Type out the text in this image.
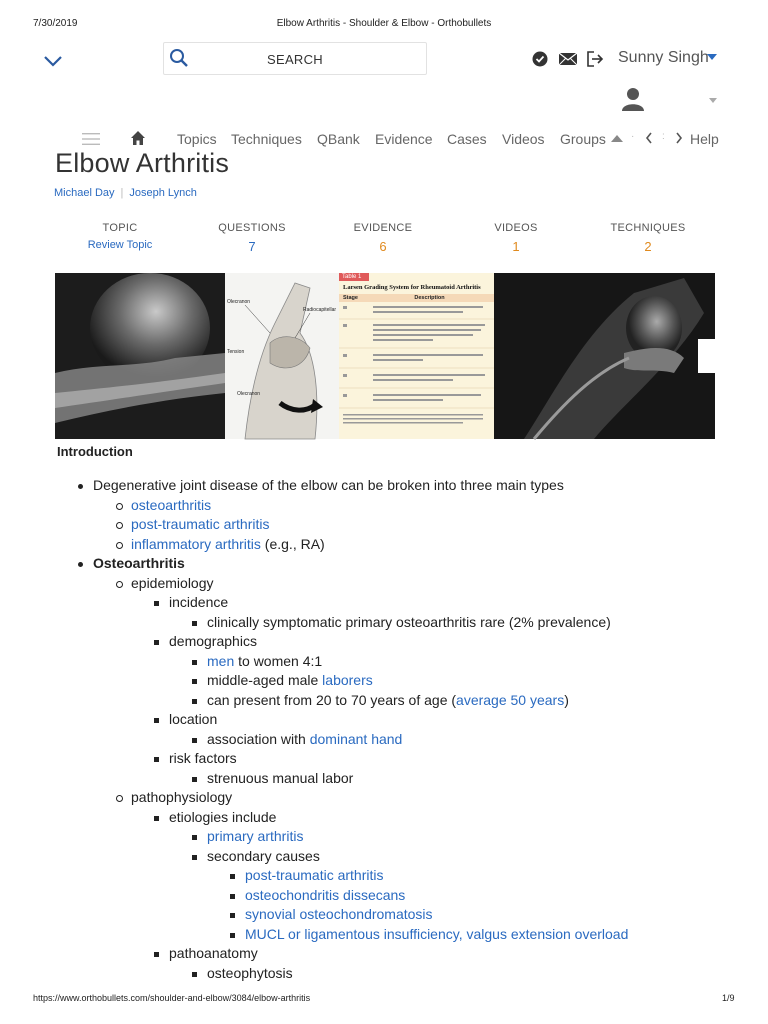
7/30/2019	Elbow Arthritis - Shoulder & Elbow - Orthobullets
SEARCH	Sunny Singh
Topics Techniques QBank Evidence Cases Videos Groups	·	: Help
Elbow Arthritis
Michael Day | Joseph Lynch
TOPIC
Review Topic
QUESTIONS
7
EVIDENCE
6
VIDEOS
1
TECHNIQUES
2
Olecranon
Radiocapitellar
Tension
Olecranon
Table 1
Larsen Grading System for Rheumatoid Arthritis
Stage	Description
Introduction
Degenerative joint disease of the elbow can be broken into three main types
osteoarthritis
post-traumatic arthritis
inflammatory arthritis (e.g., RA)
Osteoarthritis
epidemiology
incidence
clinically symptomatic primary osteoarthritis rare (2% prevalence)
demographics
men to women 4:1
middle-aged male laborers
can present from 20 to 70 years of age (average 50 years)
location
association with dominant hand
risk factors
strenuous manual labor
pathophysiology
etiologies include
primary arthritis
secondary causes
post-traumatic arthritis
osteochondritis dissecans
synovial osteochondromatosis
MUCL or ligamentous insufficiency, valgus extension overload
pathoanatomy
osteophytosis
https://www.orthobullets.com/shoulder-and-elbow/3084/elbow-arthritis	1/9
